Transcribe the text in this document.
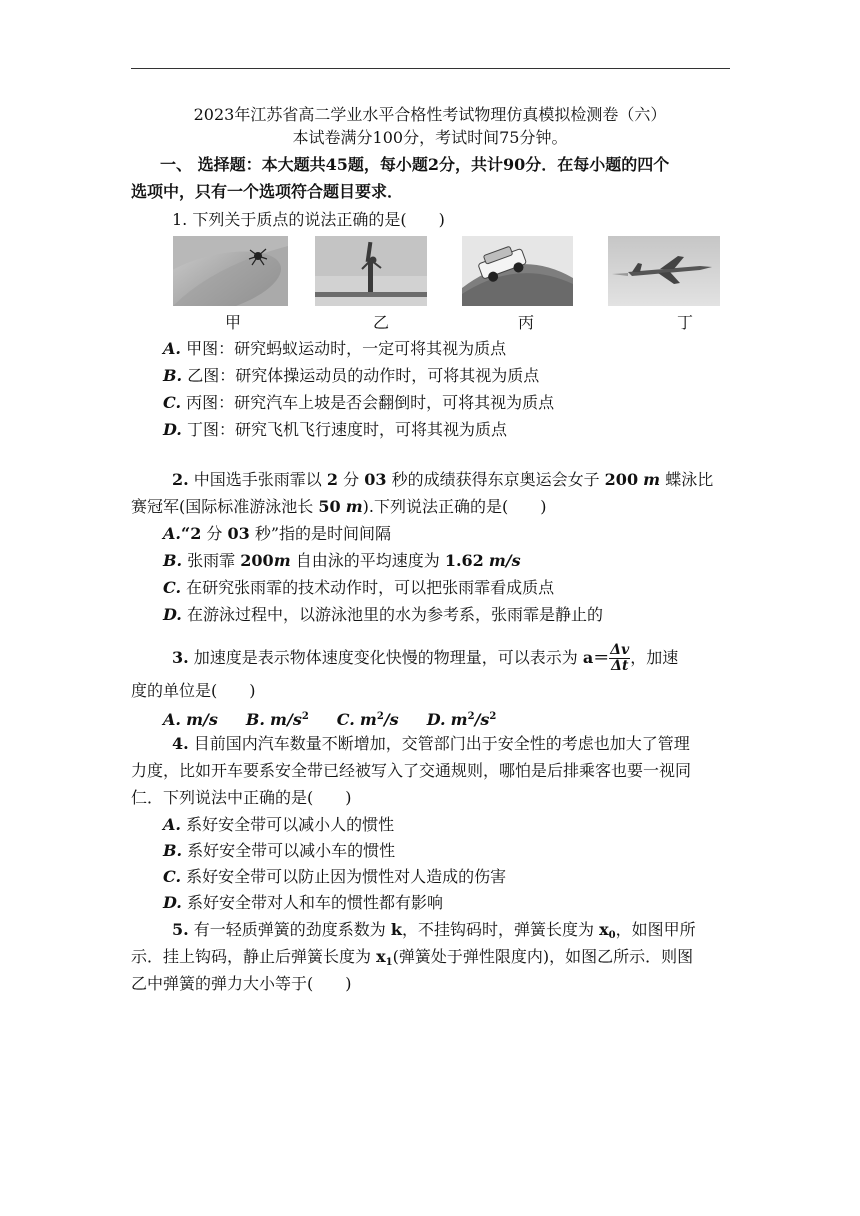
2023年江苏省高二学业水平合格性考试物理仿真模拟检测卷（六）
本试卷满分100分，考试时间75分钟。
一、 选择题：本大题共45题，每小题2分，共计90分．在每小题的四个
选项中，只有一个选项符合题目要求．
1. 下列关于质点的说法正确的是(　　)
甲	乙	丙	丁
A. 甲图：研究蚂蚁运动时，一定可将其视为质点
B. 乙图：研究体操运动员的动作时，可将其视为质点
C. 丙图：研究汽车上坡是否会翻倒时，可将其视为质点
D. 丁图：研究飞机飞行速度时，可将其视为质点
2. 中国选手张雨霏以 2 分 03 秒的成绩获得东京奥运会女子 200 m 蝶泳比
赛冠军(国际标准游泳池长 50 m).下列说法正确的是(　　)
A.“2 分 03 秒”指的是时间间隔
B. 张雨霏 200m 自由泳的平均速度为 1.62 m/s
C. 在研究张雨霏的技术动作时，可以把张雨霏看成质点
D. 在游泳过程中，以游泳池里的水为参考系，张雨霏是静止的
3. 加速度是表示物体速度变化快慢的物理量，可以表示为 $a= \frac{\Delta v}{\Delta t}$ ，加速
度的单位是(　　)
A. m/s B. $m/s^2$ C. $m^2/s$ D. $m^2/s^2$
4. 目前国内汽车数量不断增加，交管部门出于安全性的考虑也加大了管理
力度，比如开车要系安全带已经被写入了交通规则，哪怕是后排乘客也要一视同
仁．下列说法中正确的是(　　)
A. 系好安全带可以减小人的惯性
B. 系好安全带可以减小车的惯性
C. 系好安全带可以防止因为惯性对人造成的伤害
D. 系好安全带对人和车的惯性都有影响
5. 有一轻质弹簧的劲度系数为 k，不挂钩码时，弹簧长度为 $x_0$，如图甲所
示．挂上钩码，静止后弹簧长度为 $x_1$(弹簧处于弹性限度内)，如图乙所示．则图
乙中弹簧的弹力大小等于(　　)
